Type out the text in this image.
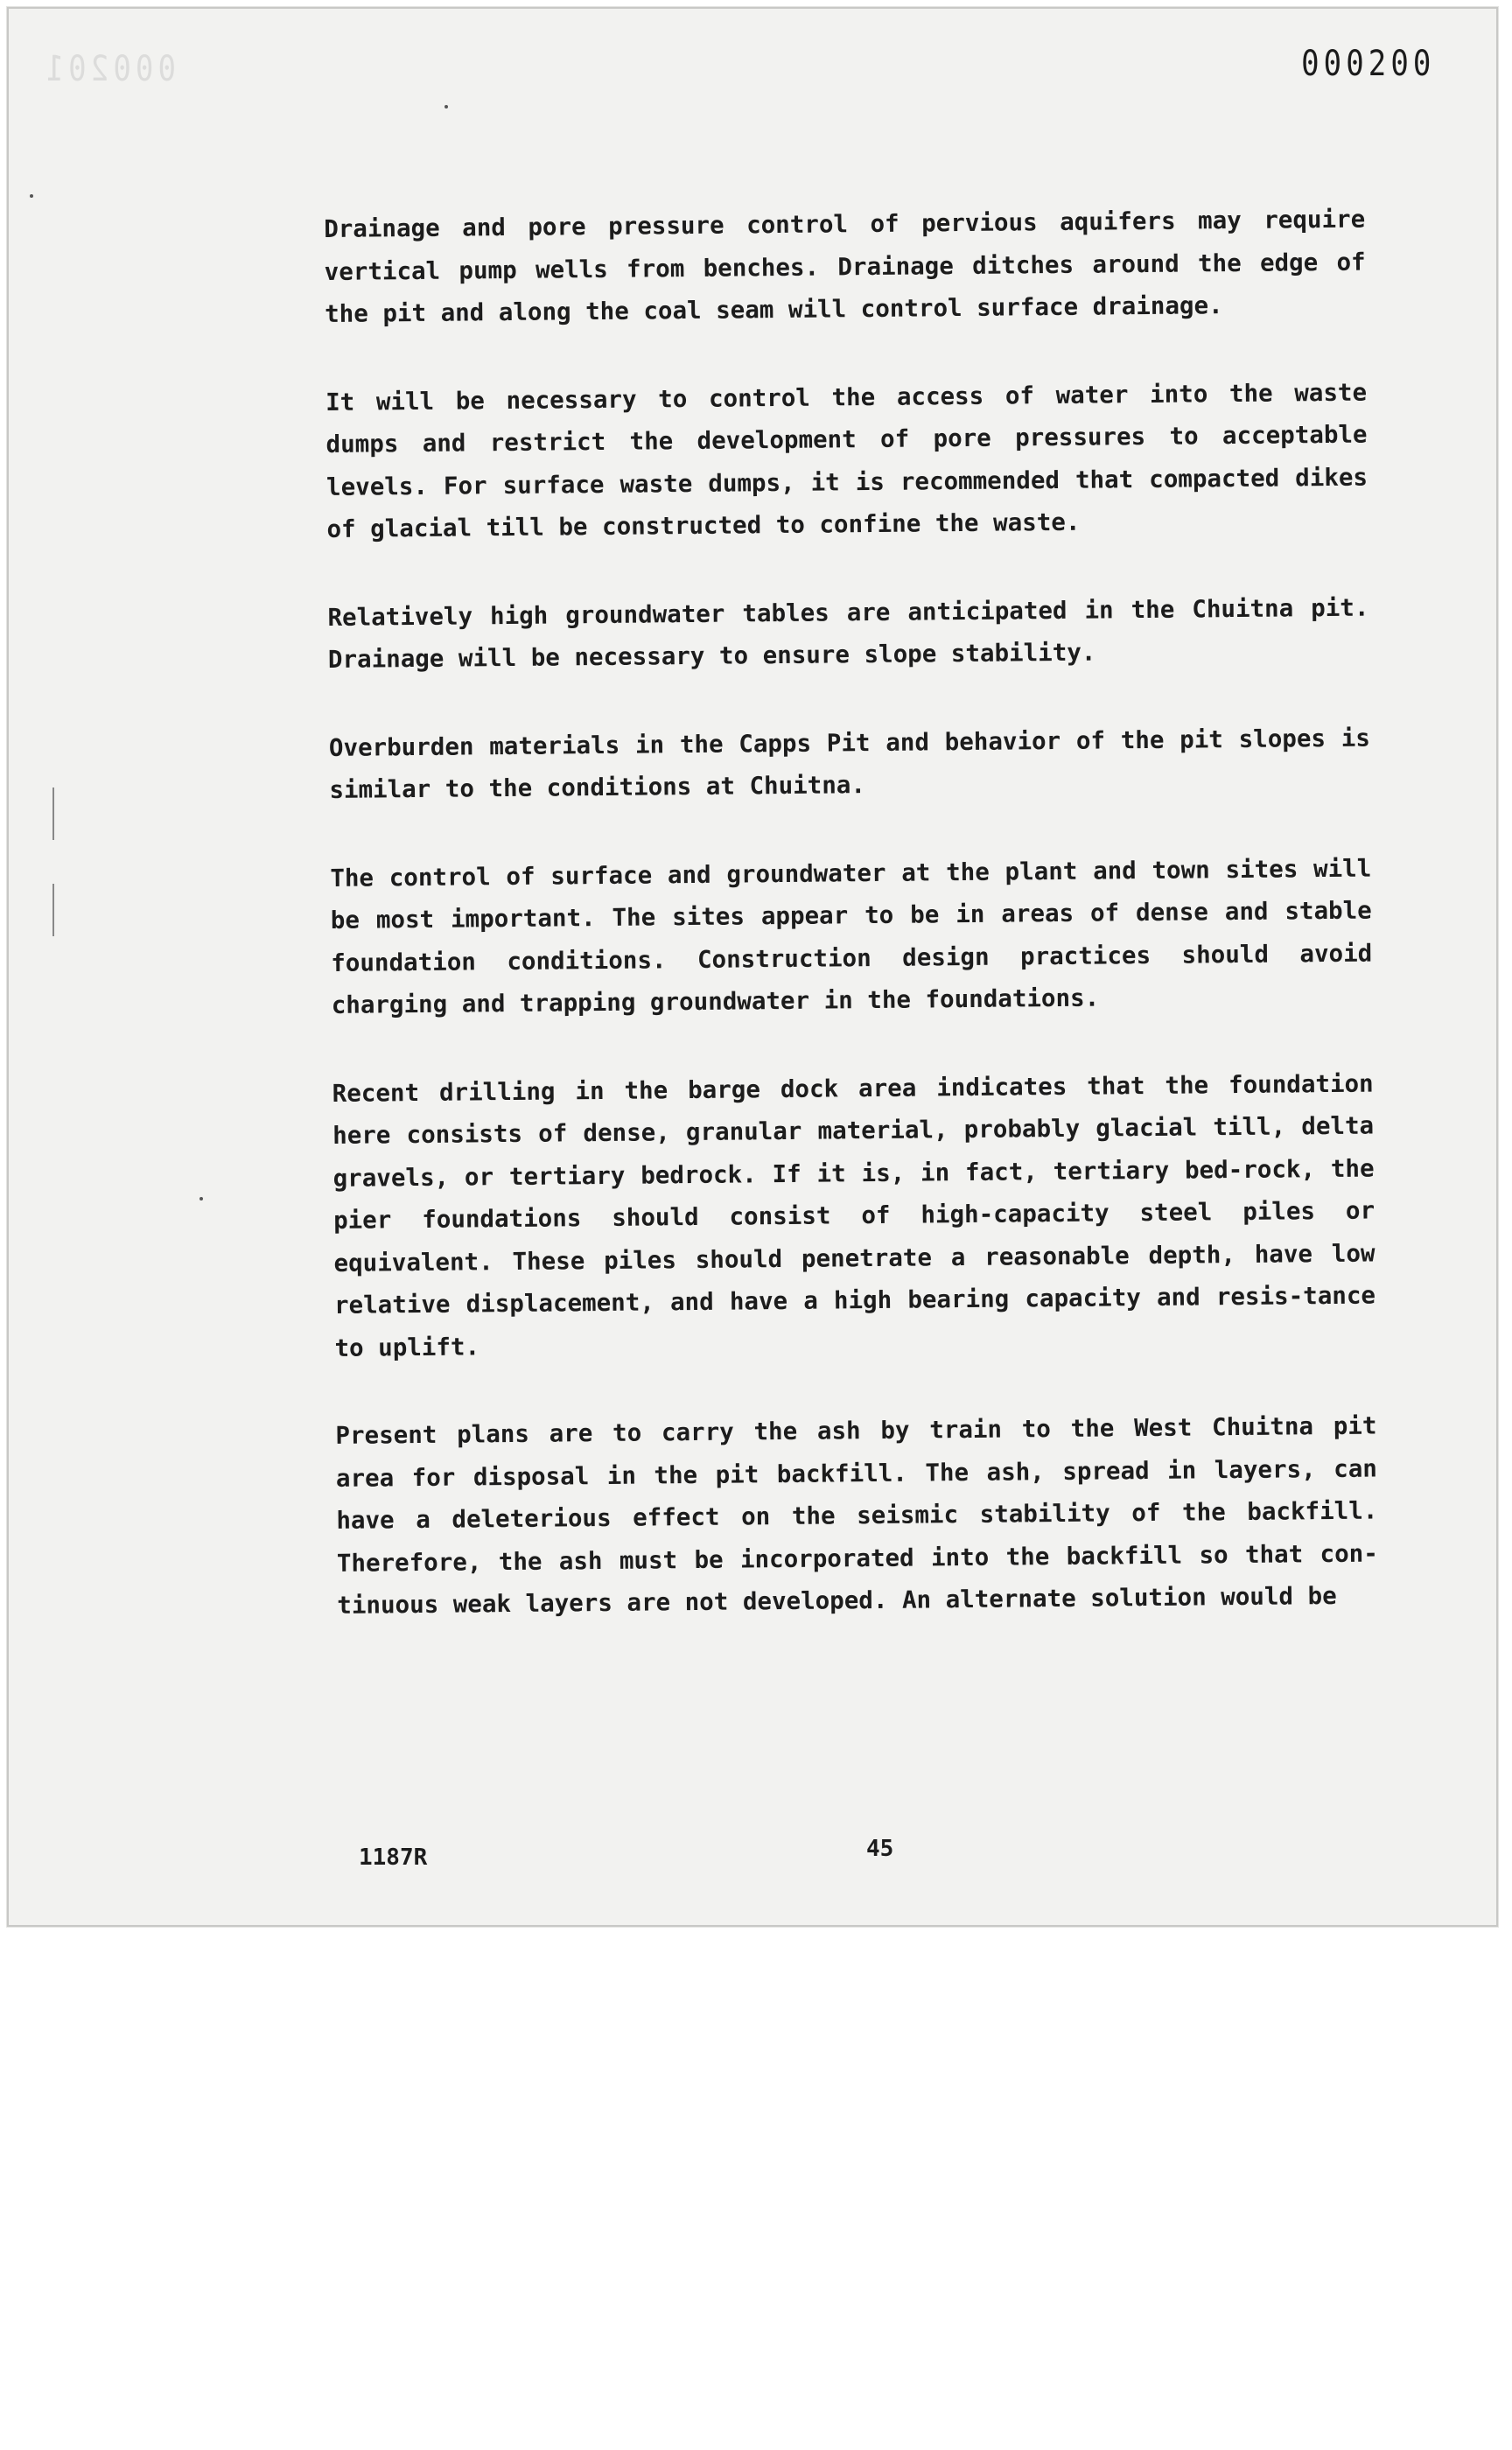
000201	000200

Drainage and pore pressure control of pervious aquifers may require vertical pump wells from benches. Drainage ditches around the edge of the pit and along the coal seam will control surface drainage.

It will be necessary to control the access of water into the waste dumps and restrict the development of pore pressures to acceptable levels. For surface waste dumps, it is recommended that compacted dikes of glacial till be constructed to confine the waste.

Relatively high groundwater tables are anticipated in the Chuitna pit. Drainage will be necessary to ensure slope stability.

Overburden materials in the Capps Pit and behavior of the pit slopes is similar to the conditions at Chuitna.

The control of surface and groundwater at the plant and town sites will be most important. The sites appear to be in areas of dense and stable foundation conditions. Construction design practices should avoid charging and trapping groundwater in the foundations.

Recent drilling in the barge dock area indicates that the foundation here consists of dense, granular material, probably glacial till, delta gravels, or tertiary bedrock. If it is, in fact, tertiary bed-rock, the pier foundations should consist of high-capacity steel piles or equivalent. These piles should penetrate a reasonable depth, have low relative displacement, and have a high bearing capacity and resis-tance to uplift.

Present plans are to carry the ash by train to the West Chuitna pit area for disposal in the pit backfill. The ash, spread in layers, can have a deleterious effect on the seismic stability of the backfill. Therefore, the ash must be incorporated into the backfill so that con-tinuous weak layers are not developed. An alternate solution would be

1187R	45
